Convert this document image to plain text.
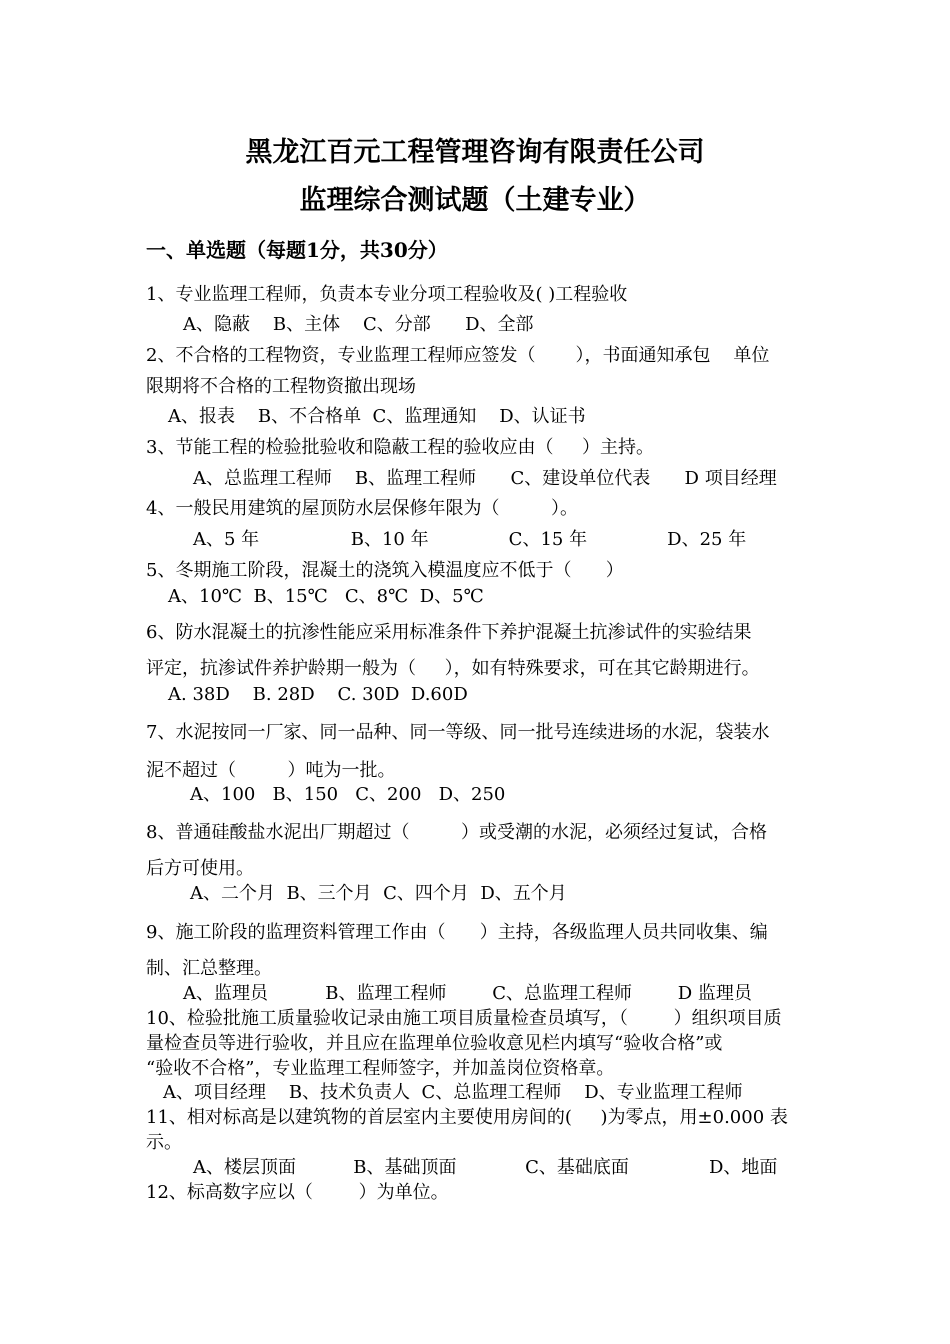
黑龙江百元工程管理咨询有限责任公司
监理综合测试题（土建专业）
一、单选题（每题1分，共30分）
1、专业监理工程师，负责本专业分项工程验收及( )工程验收
A、隐蔽    B、主体    C、分部      D、全部
2、不合格的工程物资，专业监理工程师应签发（       ），书面通知承包    单位
限期将不合格的工程物资撤出现场
A、报表    B、不合格单  C、监理通知    D、认证书
3、节能工程的检验批验收和隐蔽工程的验收应由（     ）主持。
A、总监理工程师    B、监理工程师      C、建设单位代表      D 项目经理
4、一般民用建筑的屋顶防水层保修年限为（         ）。
A、5 年                B、10 年              C、15 年              D、25 年
5、冬期施工阶段，混凝土的浇筑入模温度应不低于（      ）
A、10℃  B、15℃   C、8℃  D、5℃
6、防水混凝土的抗渗性能应采用标准条件下养护混凝土抗渗试件的实验结果
评定，抗渗试件养护龄期一般为（     ），如有特殊要求，可在其它龄期进行。
A. 38D    B. 28D    C. 30D  D.60D
7、水泥按同一厂家、同一品种、同一等级、同一批号连续进场的水泥，袋装水
泥不超过（         ）吨为一批。
A、100   B、150   C、200   D、250
8、普通硅酸盐水泥出厂期超过（         ）或受潮的水泥，必须经过复试，合格
后方可使用。
A、二个月  B、三个月  C、四个月  D、五个月
9、施工阶段的监理资料管理工作由（      ）主持，各级监理人员共同收集、编
制、汇总整理。
A、监理员          B、监理工程师        C、总监理工程师        D 监理员
10、检验批施工质量验收记录由施工项目质量检查员填写，（        ）组织项目质
量检查员等进行验收，并且应在监理单位验收意见栏内填写“验收合格”或
“验收不合格”，专业监理工程师签字，并加盖岗位资格章。
A、项目经理    B、技术负责人  C、总监理工程师    D、专业监理工程师
11、相对标高是以建筑物的首层室内主要使用房间的(     )为零点，用±0.000 表
示。
A、楼层顶面          B、基础顶面            C、基础底面              D、地面
12、标高数字应以（        ）为单位。
